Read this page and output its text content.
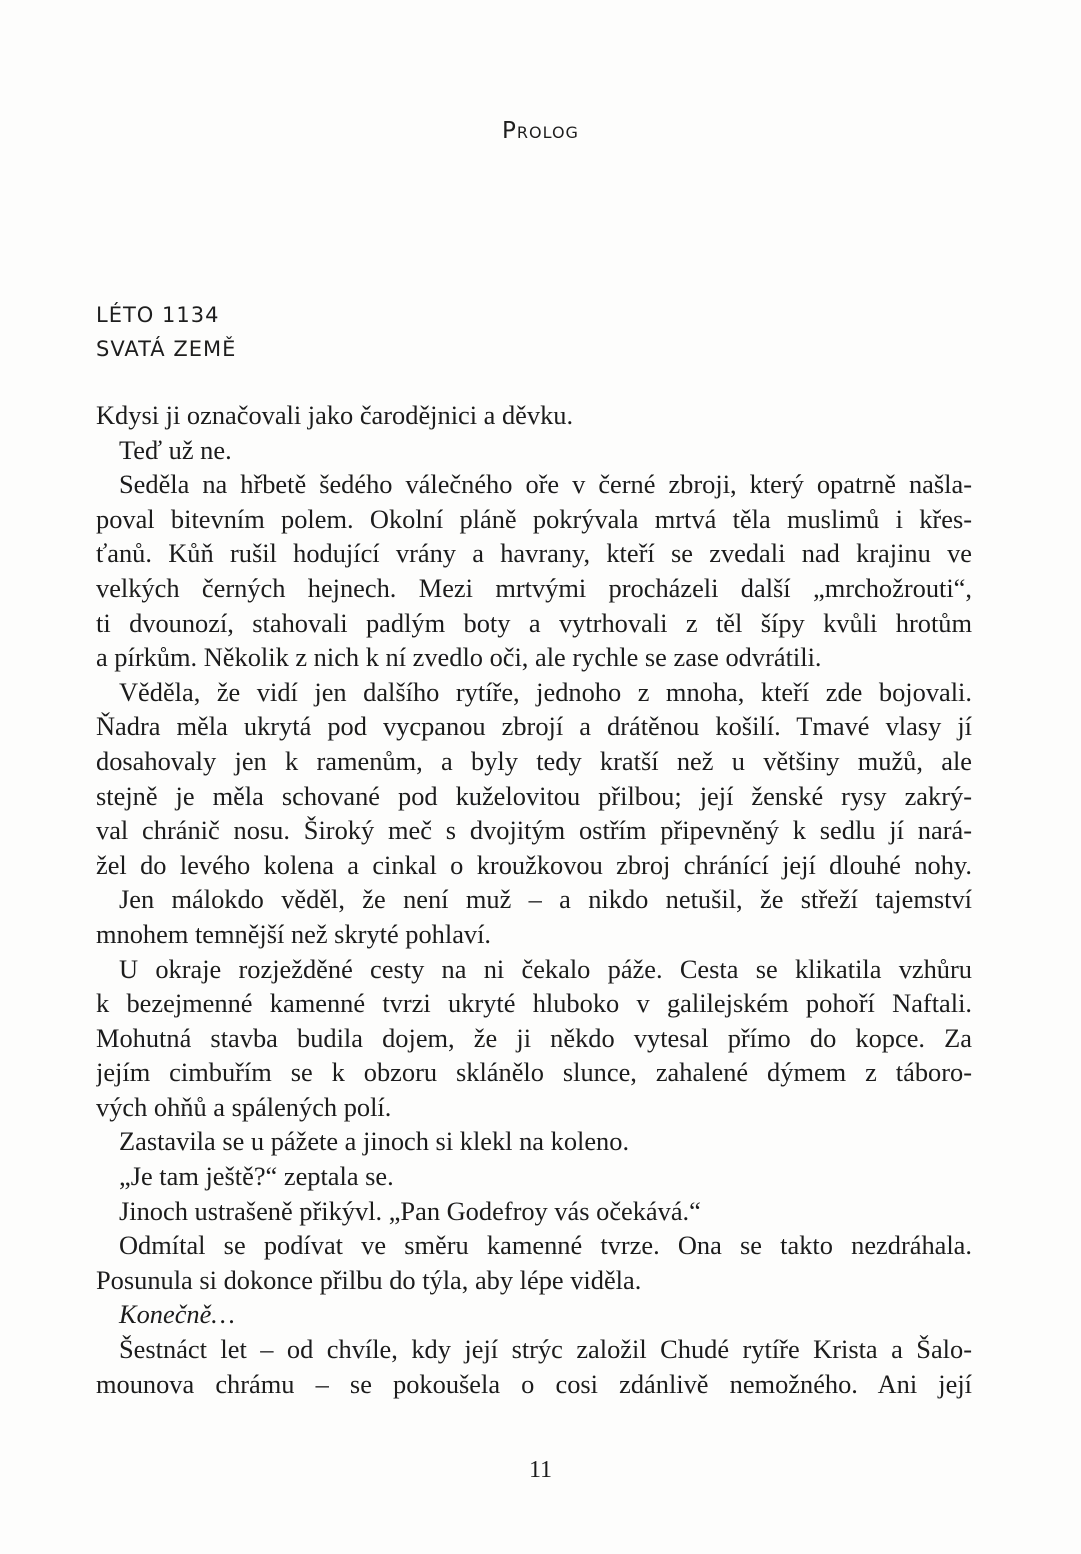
Prolog
LÉTO 1134
SVATÁ ZEMĚ
Kdysi ji označovali jako čarodějnici a děvku.
Teď už ne.
Seděla na hřbetě šedého válečného oře v černé zbroji, který opatrně našla-
poval bitevním polem. Okolní pláně pokrývala mrtvá těla muslimů i křes-
ťanů. Kůň rušil hodující vrány a havrany, kteří se zvedali nad krajinu ve
velkých černých hejnech. Mezi mrtvými procházeli další „mrchožrouti“,
ti dvounozí, stahovali padlým boty a vytrhovali z těl šípy kvůli hrotům
a pírkům. Několik z nich k ní zvedlo oči, ale rychle se zase odvrátili.
Věděla, že vidí jen dalšího rytíře, jednoho z mnoha, kteří zde bojovali.
Ňadra měla ukrytá pod vycpanou zbrojí a drátěnou košilí. Tmavé vlasy jí
dosahovaly jen k ramenům, a byly tedy kratší než u většiny mužů, ale
stejně je měla schované pod kuželovitou přilbou; její ženské rysy zakrý-
val chránič nosu. Široký meč s dvojitým ostřím připevněný k sedlu jí nará-
žel do levého kolena a cinkal o kroužkovou zbroj chránící její dlouhé nohy.
Jen málokdo věděl, že není muž – a nikdo netušil, že střeží tajemství
mnohem temnější než skryté pohlaví.
U okraje rozježděné cesty na ni čekalo páže. Cesta se klikatila vzhůru
k bezejmenné kamenné tvrzi ukryté hluboko v galilejském pohoří Naftali.
Mohutná stavba budila dojem, že ji někdo vytesal přímo do kopce. Za
jejím cimbuřím se k obzoru sklánělo slunce, zahalené dýmem z táboro-
vých ohňů a spálených polí.
Zastavila se u pážete a jinoch si klekl na koleno.
„Je tam ještě?“ zeptala se.
Jinoch ustrašeně přikývl. „Pan Godefroy vás očekává.“
Odmítal se podívat ve směru kamenné tvrze. Ona se takto nezdráhala.
Posunula si dokonce přilbu do týla, aby lépe viděla.
Konečně…
Šestnáct let – od chvíle, kdy její strýc založil Chudé rytíře Krista a Šalo-
mounova chrámu – se pokoušela o cosi zdánlivě nemožného. Ani její
11
